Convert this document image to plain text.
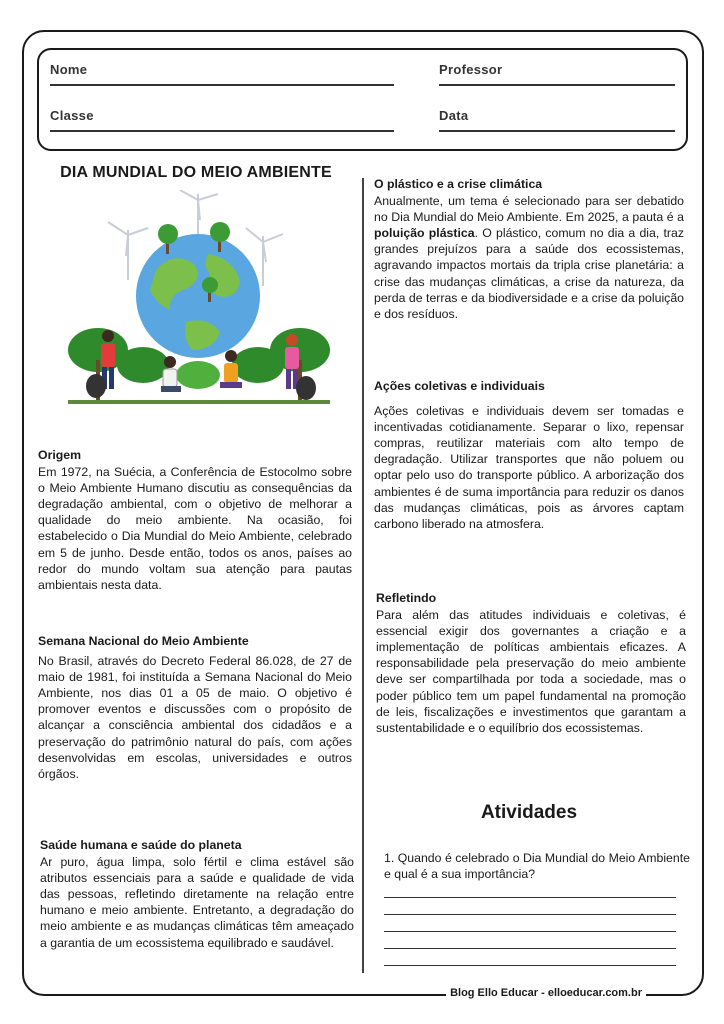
Nome	Professor
Classe	Data
DIA MUNDIAL DO MEIO AMBIENTE
Origem

Em 1972, na Suécia, a Conferência de Estocolmo sobre o Meio Ambiente Humano discutiu as consequências da degradação ambiental, com o objetivo de melhorar a qualidade do meio ambiente. Na ocasião, foi estabelecido o Dia Mundial do Meio Ambiente, celebrado em 5 de junho. Desde então, todos os anos, países ao redor do mundo voltam sua atenção para pautas ambientais nesta data.

Semana Nacional do Meio Ambiente

No Brasil, através do Decreto Federal 86.028, de 27 de maio de 1981, foi instituída a Semana Nacional do Meio Ambiente, nos dias 01 a 05 de maio. O objetivo é promover eventos e discussões com o propósito de alcançar a consciência ambiental dos cidadãos e a preservação do patrimônio natural do país, com ações desenvolvidas em escolas, universidades e outros órgãos.

Saúde humana e saúde do planeta

Ar puro, água limpa, solo fértil e clima estável são atributos essenciais para a saúde e qualidade de vida das pessoas, refletindo diretamente na relação entre humano e meio ambiente. Entretanto, a degradação do meio ambiente e as mudanças climáticas têm ameaçado a garantia de um ecossistema equilibrado e saudável.

O plástico e a crise climática

Anualmente, um tema é selecionado para ser debatido no Dia Mundial do Meio Ambiente. Em 2025, a pauta é a poluição plástica. O plástico, comum no dia a dia, traz grandes prejuízos para a saúde dos ecossistemas, agravando impactos mortais da tripla crise planetária: a crise das mudanças climáticas, a crise da natureza, da perda de terras e da biodiversidade e a crise da poluição e dos resíduos.

Ações coletivas e individuais

Ações coletivas e individuais devem ser tomadas e incentivadas cotidianamente. Separar o lixo, repensar compras, reutilizar materiais com alto tempo de degradação. Utilizar transportes que não poluem ou optar pelo uso do transporte público. A arborização dos ambientes é de suma importância para reduzir os danos das mudanças climáticas, pois as árvores captam carbono liberado na atmosfera.

Refletindo

Para além das atitudes individuais e coletivas, é essencial exigir dos governantes a criação e a implementação de políticas ambientais eficazes. A responsabilidade pela preservação do meio ambiente deve ser compartilhada por toda a sociedade, mas o poder público tem um papel fundamental na promoção de leis, fiscalizações e investimentos que garantam a sustentabilidade e o equilíbrio dos ecossistemas.

Atividades
1. Quando é celebrado o Dia Mundial do Meio Ambiente e qual é a sua importância?
Blog Ello Educar - elloeducar.com.br
